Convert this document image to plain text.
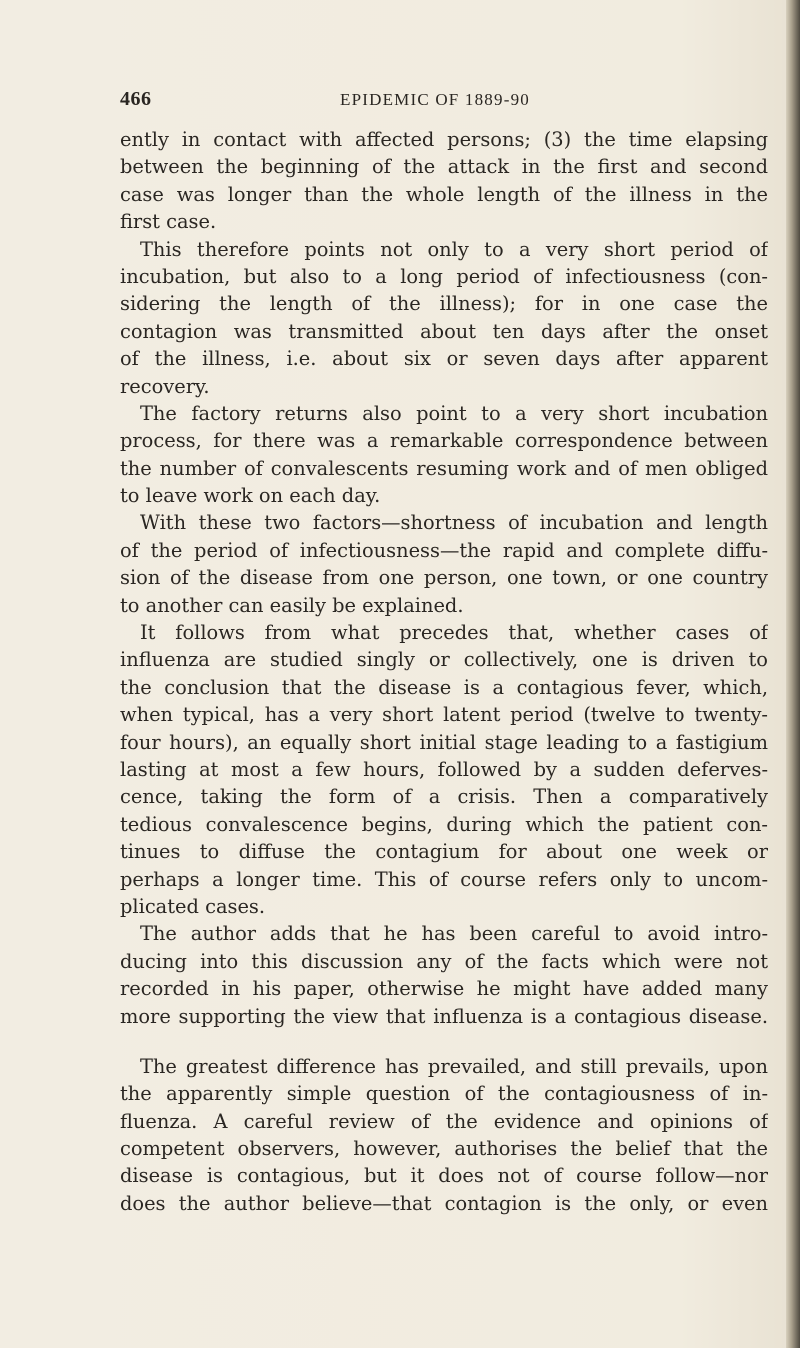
466	EPIDEMIC OF 1889-90
ently in contact with affected persons; (3) the time elapsing
between the beginning of the attack in the first and second
case was longer than the whole length of the illness in the
first case.
This therefore points not only to a very short period of
incubation, but also to a long period of infectiousness (con-
sidering the length of the illness); for in one case the
contagion was transmitted about ten days after the onset
of the illness, i.e. about six or seven days after apparent
recovery.
The factory returns also point to a very short incubation
process, for there was a remarkable correspondence between
the number of convalescents resuming work and of men obliged
to leave work on each day.
With these two factors—shortness of incubation and length
of the period of infectiousness—the rapid and complete diffu-
sion of the disease from one person, one town, or one country
to another can easily be explained.
It follows from what precedes that, whether cases of
influenza are studied singly or collectively, one is driven to
the conclusion that the disease is a contagious fever, which,
when typical, has a very short latent period (twelve to twenty-
four hours), an equally short initial stage leading to a fastigium
lasting at most a few hours, followed by a sudden deferves-
cence, taking the form of a crisis. Then a comparatively
tedious convalescence begins, during which the patient con-
tinues to diffuse the contagium for about one week or
perhaps a longer time. This of course refers only to uncom-
plicated cases.
The author adds that he has been careful to avoid intro-
ducing into this discussion any of the facts which were not
recorded in his paper, otherwise he might have added many
more supporting the view that influenza is a contagious disease.
The greatest difference has prevailed, and still prevails, upon
the apparently simple question of the contagiousness of in-
fluenza. A careful review of the evidence and opinions of
competent observers, however, authorises the belief that the
disease is contagious, but it does not of course follow—nor
does the author believe—that contagion is the only, or even
